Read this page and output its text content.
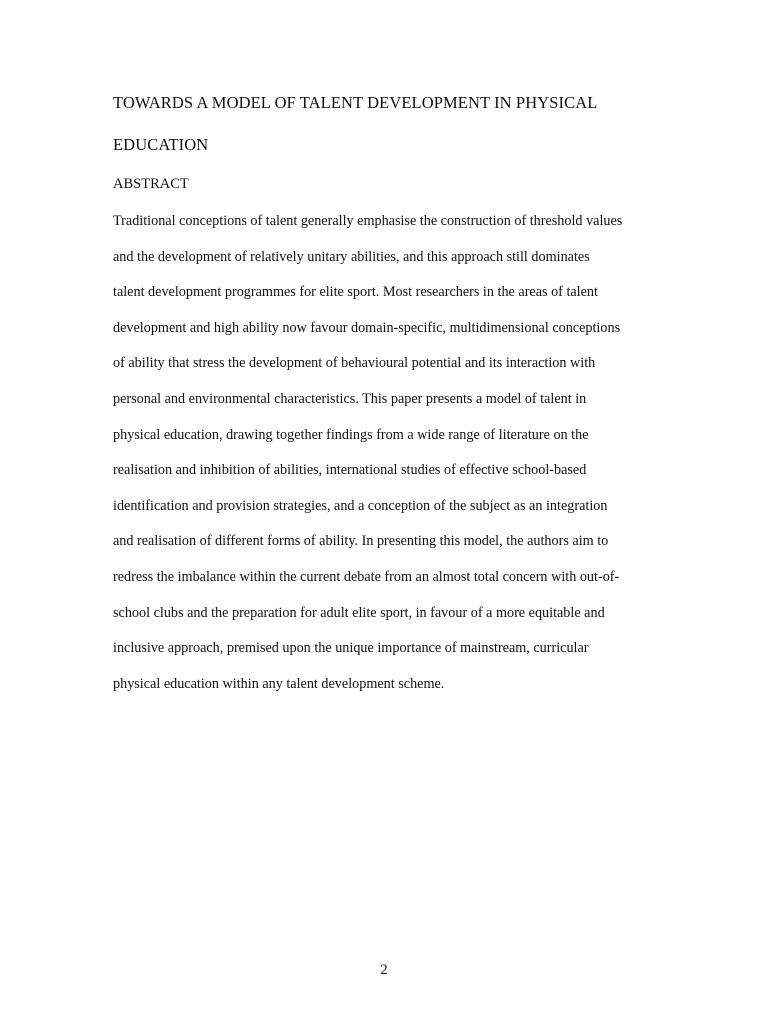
TOWARDS A MODEL OF TALENT DEVELOPMENT IN PHYSICAL
EDUCATION
ABSTRACT
Traditional conceptions of talent generally emphasise the construction of threshold values
and the development of relatively unitary abilities, and this approach still dominates
talent development programmes for elite sport. Most researchers in the areas of talent
development and high ability now favour domain-specific, multidimensional conceptions
of ability that stress the development of behavioural potential and its interaction with
personal and environmental characteristics. This paper presents a model of talent in
physical education, drawing together findings from a wide range of literature on the
realisation and inhibition of abilities, international studies of effective school-based
identification and provision strategies, and a conception of the subject as an integration
and realisation of different forms of ability. In presenting this model, the authors aim to
redress the imbalance within the current debate from an almost total concern with out-of-
school clubs and the preparation for adult elite sport, in favour of a more equitable and
inclusive approach, premised upon the unique importance of mainstream, curricular
physical education within any talent development scheme.
2
